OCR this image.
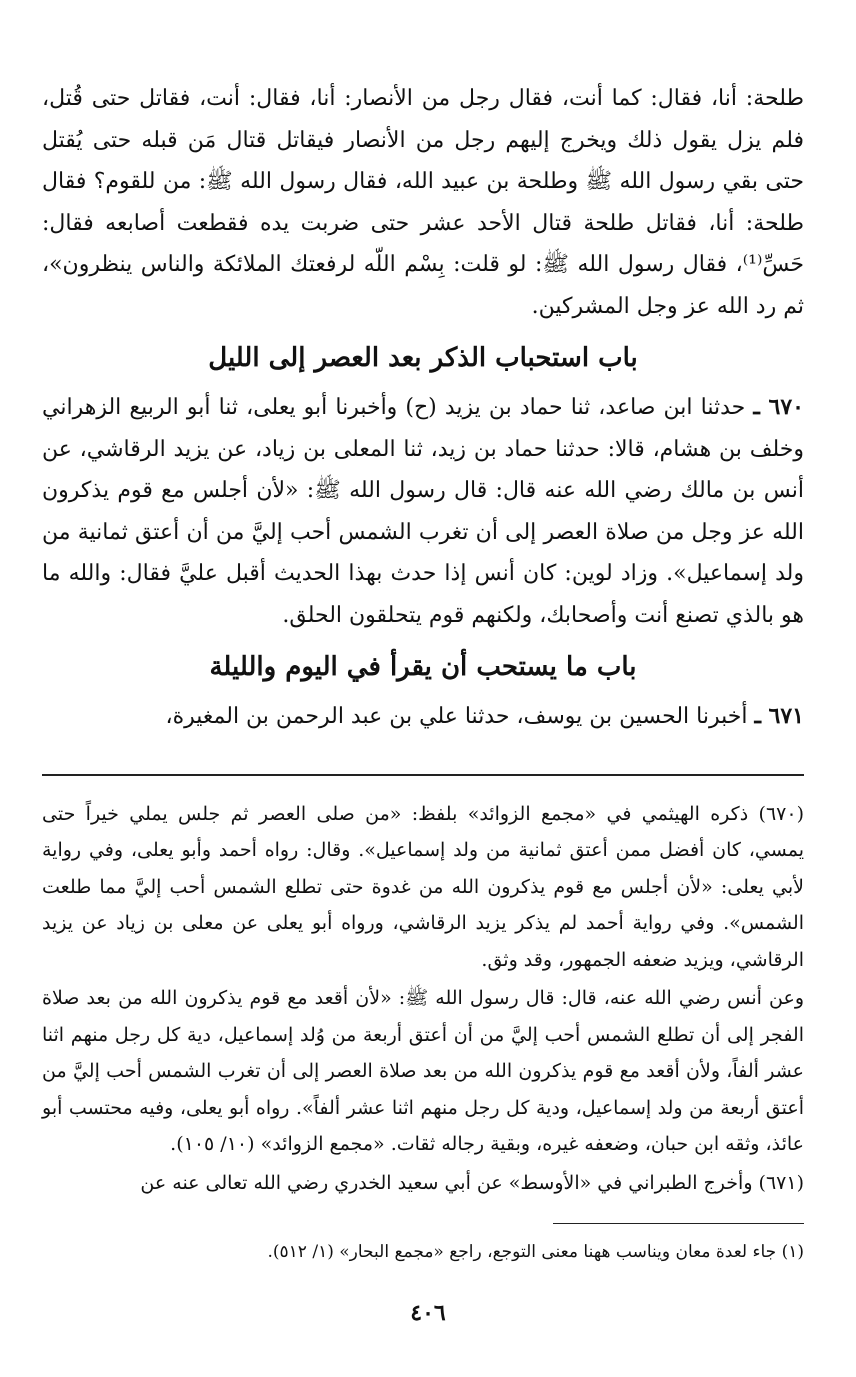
طلحة: أنا، فقال: كما أنت، فقال رجل من الأنصار: أنا، فقال: أنت، فقاتل حتى قُتل، فلم يزل يقول ذلك ويخرج إليهم رجل من الأنصار فيقاتل قتال مَن قبله حتى يُقتل حتى بقي رسول الله ﷺ وطلحة بن عبيد الله، فقال رسول الله ﷺ: من للقوم؟ فقال طلحة: أنا، فقاتل طلحة قتال الأحد عشر حتى ضربت يده فقطعت أصابعه فقال: حَسِّ⁽¹⁾، فقال رسول الله ﷺ: لو قلت: بِسْم اللّه لرفعتك الملائكة والناس ينظرون»، ثم رد الله عز وجل المشركين.

باب استحباب الذكر بعد العصر إلى الليل

٦٧٠ ـ حدثنا ابن صاعد، ثنا حماد بن يزيد (ح) وأخبرنا أبو يعلى، ثنا أبو الربيع الزهراني وخلف بن هشام، قالا: حدثنا حماد بن زيد، ثنا المعلى بن زياد، عن يزيد الرقاشي، عن أنس بن مالك رضي الله عنه قال: قال رسول الله ﷺ: «لأن أجلس مع قوم يذكرون الله عز وجل من صلاة العصر إلى أن تغرب الشمس أحب إليَّ من أن أعتق ثمانية من ولد إسماعيل». وزاد لوين: كان أنس إذا حدث بهذا الحديث أقبل عليَّ فقال: والله ما هو بالذي تصنع أنت وأصحابك، ولكنهم قوم يتحلقون الحلق.

باب ما يستحب أن يقرأ في اليوم والليلة

٦٧١ ـ أخبرنا الحسين بن يوسف، حدثنا علي بن عبد الرحمن بن المغيرة،

(٦٧٠) ذكره الهيثمي في «مجمع الزوائد» بلفظ: «من صلى العصر ثم جلس يملي خيراً حتى يمسي، كان أفضل ممن أعتق ثمانية من ولد إسماعيل». وقال: رواه أحمد وأبو يعلى، وفي رواية لأبي يعلى: «لأن أجلس مع قوم يذكرون الله من غدوة حتى تطلع الشمس أحب إليَّ مما طلعت الشمس». وفي رواية أحمد لم يذكر يزيد الرقاشي، ورواه أبو يعلى عن معلى بن زياد عن يزيد الرقاشي، ويزيد ضعفه الجمهور، وقد وثق.

وعن أنس رضي الله عنه، قال: قال رسول الله ﷺ: «لأن أقعد مع قوم يذكرون الله من بعد صلاة الفجر إلى أن تطلع الشمس أحب إليَّ من أن أعتق أربعة من وُلد إسماعيل، دية كل رجل منهم اثنا عشر ألفاً، ولأن أقعد مع قوم يذكرون الله من بعد صلاة العصر إلى أن تغرب الشمس أحب إليَّ من أعتق أربعة من ولد إسماعيل، ودية كل رجل منهم اثنا عشر ألفاً». رواه أبو يعلى، وفيه محتسب أبو عائذ، وثقه ابن حبان، وضعفه غيره، وبقية رجاله ثقات. «مجمع الزوائد» (١٠/ ١٠٥).

(٦٧١) وأخرج الطبراني في «الأوسط» عن أبي سعيد الخدري رضي الله تعالى عنه عن

(١) جاء لعدة معان ويناسب ههنا معنى التوجع، راجع «مجمع البحار» (١/ ٥١٢).

٤٠٦
